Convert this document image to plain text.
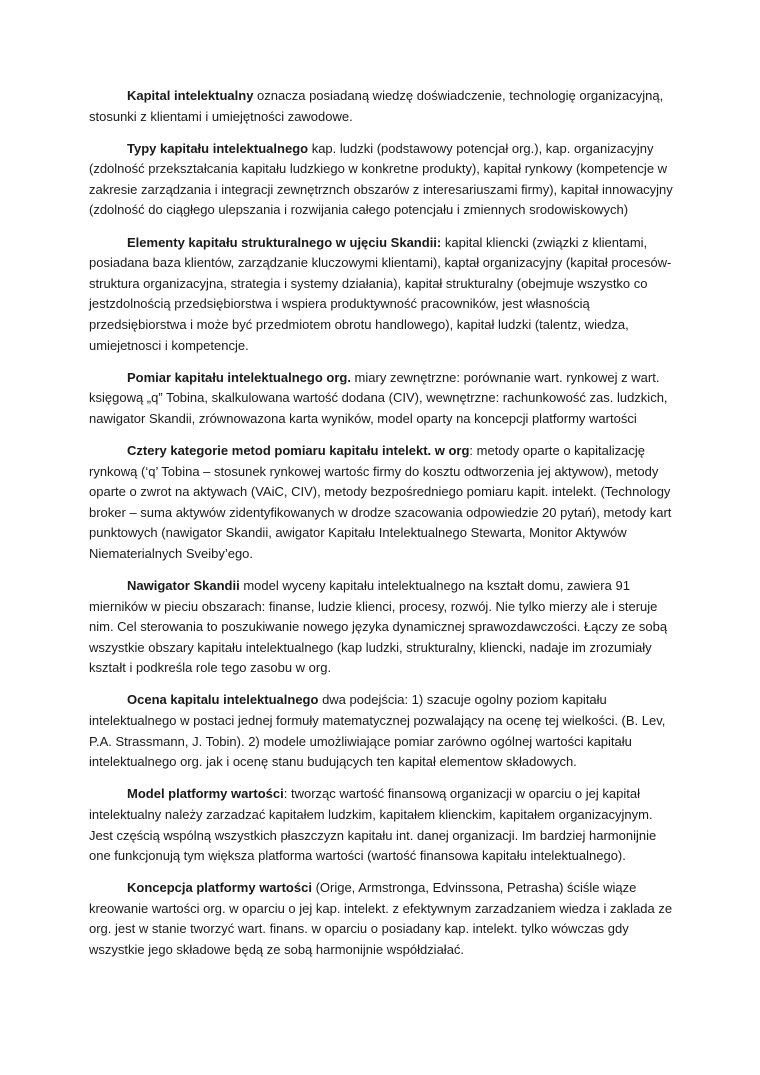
Kapital intelektualny oznacza posiadaną wiedzę doświadczenie, technologię organizacyjną, stosunki z klientami i umiejętności zawodowe.

Typy kapitału intelektualnego kap. ludzki (podstawowy potencjał org.), kap. organizacyjny (zdolność przekształcania kapitału ludzkiego w konkretne produkty), kapitał rynkowy (kompetencje w zakresie zarządzania i integracji zewnętrznch obszarów z interesariuszami firmy), kapitał innowacyjny (zdolność do ciągłego ulepszania i rozwijania całego potencjału i zmiennych srodowiskowych)

Elementy kapitału strukturalnego w ujęciu Skandii: kapital kliencki (związki z klientami, posiadana baza klientów, zarządzanie kluczowymi klientami), kaptał organizacyjny (kapitał procesów-struktura organizacyjna, strategia i systemy działania), kapitał strukturalny (obejmuje wszystko co jestzdolnością przedsiębiorstwa i wspiera produktywność pracowników, jest własnością przedsiębiorstwa i może być przedmiotem obrotu handlowego), kapitał ludzki (talentz, wiedza, umiejetnosci i kompetencje.

Pomiar kapitału intelektualnego org. miary zewnętrzne: porównanie wart. rynkowej z wart. księgową „q” Tobina, skalkulowana wartość dodana (CIV), wewnętrzne: rachunkowość zas. ludzkich, nawigator Skandii, zrównowazona karta wyników, model oparty na koncepcji platformy wartości

Cztery kategorie metod pomiaru kapitału intelekt. w org: metody oparte o kapitalizację rynkową (‘q’ Tobina – stosunek rynkowej wartośc firmy do kosztu odtworzenia jej aktywow), metody oparte o zwrot na aktywach (VAiC, CIV), metody bezpośredniego pomiaru kapit. intelekt. (Technology broker – suma aktywów zidentyfikowanych w drodze szacowania odpowiedzie 20 pytań), metody kart punktowych (nawigator Skandii, awigator Kapitału Intelektualnego Stewarta, Monitor Aktywów Niematerialnych Sveiby’ego.

Nawigator Skandii model wyceny kapitału intelektualnego na kształt domu, zawiera 91 mierników w pieciu obszarach: finanse, ludzie klienci, procesy, rozwój. Nie tylko mierzy ale i steruje nim. Cel sterowania to poszukiwanie nowego języka dynamicznej sprawozdawczości. Łączy ze sobą wszystkie obszary kapitału intelektualnego (kap ludzki, strukturalny, kliencki, nadaje im zrozumiały kształt i podkreśla role tego zasobu w org.

Ocena kapitalu intelektualnego dwa podejścia: 1) szacuje ogolny poziom kapitału intelektualnego w postaci jednej formuły matematycznej pozwalający na ocenę tej wielkości. (B. Lev, P.A. Strassmann, J. Tobin). 2) modele umożliwiające pomiar zarówno ogólnej wartości kapitału intelektualnego org. jak i ocenę stanu budujących ten kapitał elementow składowych.

Model platformy wartości: tworząc wartość finansową organizacji w oparciu o jej kapitał intelektualny należy zarzadzać kapitałem ludzkim, kapitałem klienckim, kapitałem organizacyjnym. Jest częścią wspólną wszystkich płaszczyzn kapitału int. danej organizacji. Im bardziej harmonijnie one funkcjonują tym większa platforma wartości (wartość finansowa kapitału intelektualnego).

Koncepcja platformy wartości (Orige, Armstronga, Edvinssona, Petrasha) ściśle wiąze kreowanie wartości org. w oparciu o jej kap. intelekt. z efektywnym zarzadzaniem wiedza i zaklada ze org. jest w stanie tworzyć wart. finans. w oparciu o posiadany kap. intelekt. tylko wówczas gdy wszystkie jego składowe będą ze sobą harmonijnie współdziałać.
